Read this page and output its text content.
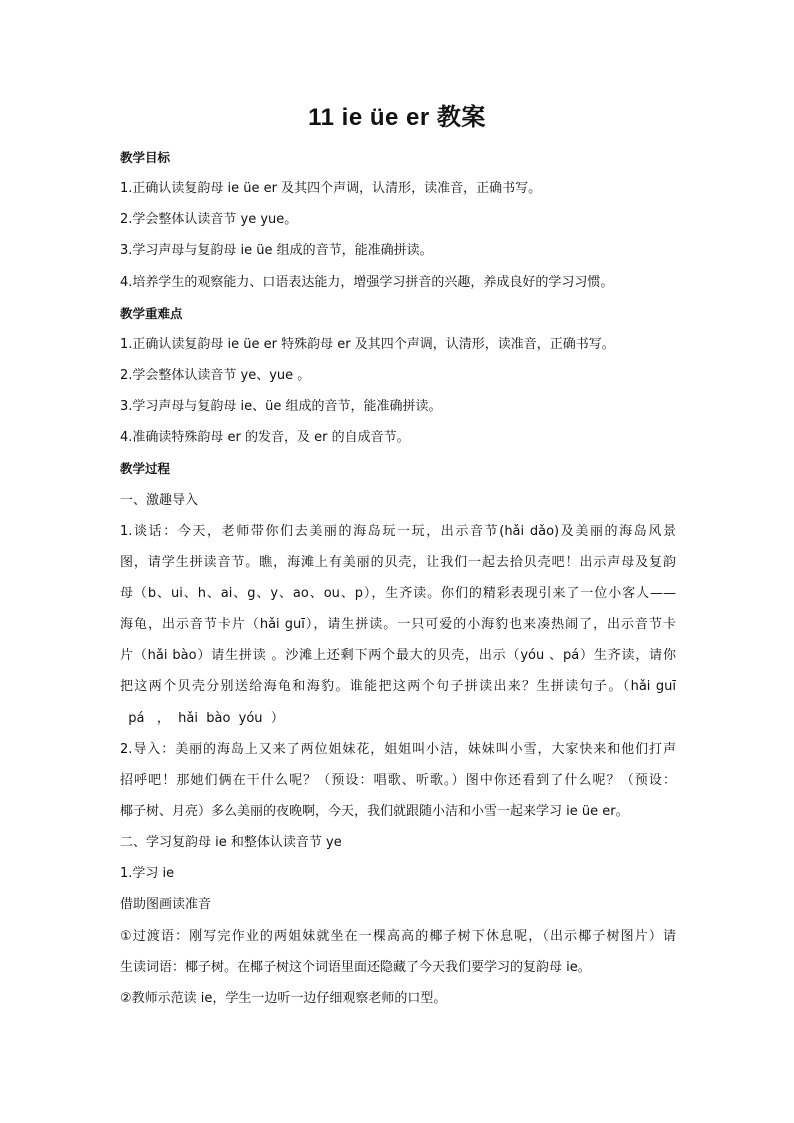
11 ie üe er 教案
教学目标
1.正确认读复韵母 ie üe er 及其四个声调，认清形，读准音，正确书写。
2.学会整体认读音节 ye yue。
3.学习声母与复韵母 ie üe 组成的音节，能准确拼读。
4.培养学生的观察能力、口语表达能力，增强学习拼音的兴趣，养成良好的学习习惯。
教学重难点
1.正确认读复韵母 ie üe er 特殊韵母 er 及其四个声调，认清形，读准音，正确书写。
2.学会整体认读音节 ye、yue 。
3.学习声母与复韵母 ie、üe 组成的音节，能准确拼读。
4.准确读特殊韵母 er 的发音，及 er 的自成音节。
教学过程
一、激趣导入
1.谈话：今天，老师带你们去美丽的海岛玩一玩，出示音节(hǎi dǎo)及美丽的海岛风景
图，请学生拼读音节。瞧，海滩上有美丽的贝壳，让我们一起去拾贝壳吧！出示声母及复韵
母（b、ui、h、ai、g、y、ao、ou、p），生齐读。你们的精彩表现引来了一位小客人——
海龟，出示音节卡片（hǎi guī），请生拼读。一只可爱的小海豹也来凑热闹了，出示音节卡
片（hǎi bào）请生拼读 。沙滩上还剩下两个最大的贝壳，出示（yóu 、pá）生齐读，请你
把这两个贝壳分别送给海龟和海豹。谁能把这两个句子拼读出来？生拼读句子。（hǎi guī
pá   ，  hǎi  bào  yóu  ）
2.导入：美丽的海岛上又来了两位姐妹花，姐姐叫小洁，妹妹叫小雪，大家快来和他们打声
招呼吧！那她们俩在干什么呢？（预设：唱歌、听歌。）图中你还看到了什么呢？（预设：
椰子树、月亮）多么美丽的夜晚啊，今天，我们就跟随小洁和小雪一起来学习 ie üe er。
二、学习复韵母 ie 和整体认读音节 ye
1.学习 ie
借助图画读准音
①过渡语：刚写完作业的两姐妹就坐在一棵高高的椰子树下休息呢，（出示椰子树图片）请
生读词语：椰子树。在椰子树这个词语里面还隐藏了今天我们要学习的复韵母 ie。
②教师示范读 ie，学生一边听一边仔细观察老师的口型。
